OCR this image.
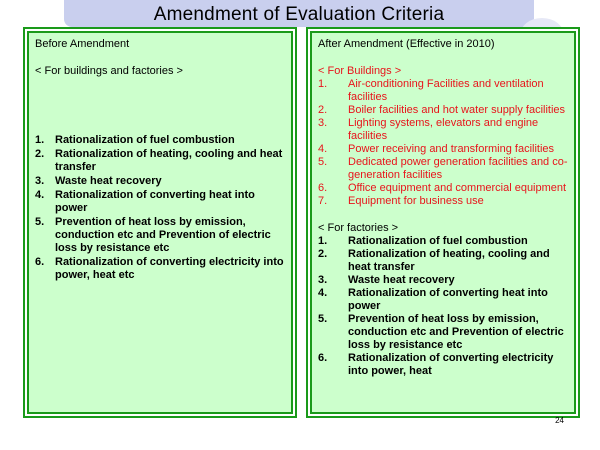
Amendment of Evaluation Criteria
Before Amendment
< For buildings and factories >
1. Rationalization of fuel combustion
2. Rationalization of heating, cooling and heat transfer
3. Waste heat recovery
4. Rationalization of converting heat into power
5. Prevention of heat loss by emission, conduction etc and Prevention of electric loss by resistance etc
6. Rationalization of converting electricity into power, heat etc
After Amendment (Effective in 2010)
< For Buildings >
1. Air-conditioning Facilities and ventilation facilities
2. Boiler facilities and hot water supply facilities
3. Lighting systems, elevators and engine facilities
4. Power receiving and transforming facilities
5. Dedicated power generation facilities and co-generation facilities
6. Office equipment and commercial equipment
7. Equipment for business use
< For factories >
1. Rationalization of fuel combustion
2. Rationalization of heating, cooling and heat transfer
3. Waste heat recovery
4. Rationalization of converting heat into power
5. Prevention of heat loss by emission, conduction etc and Prevention of electric loss by resistance etc
6. Rationalization of converting electricity into power, heat
24
